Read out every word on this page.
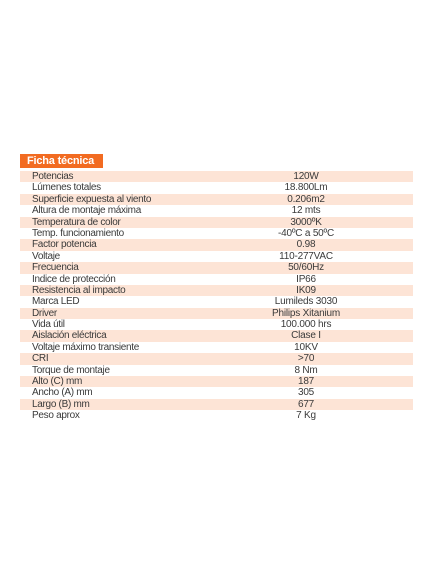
Ficha técnica
Potencias	120W
Lúmenes totales	18.800Lm
Superficie expuesta al viento	0.206m2
Altura de montaje máxima	12 mts
Temperatura de color	3000ºK
Temp. funcionamiento	-40ºC a 50ºC
Factor potencia	0.98
Voltaje	110-277VAC
Frecuencia	50/60Hz
Indice de protección	IP66
Resistencia al impacto	IK09
Marca LED	Lumileds 3030
Driver	Philips Xitanium
Vida útil	100.000 hrs
Aislación eléctrica	Clase I
Voltaje máximo transiente	10KV
CRI	>70
Torque de montaje	8 Nm
Alto (C) mm	187
Ancho (A) mm	305
Largo (B) mm	677
Peso aprox	7 Kg
